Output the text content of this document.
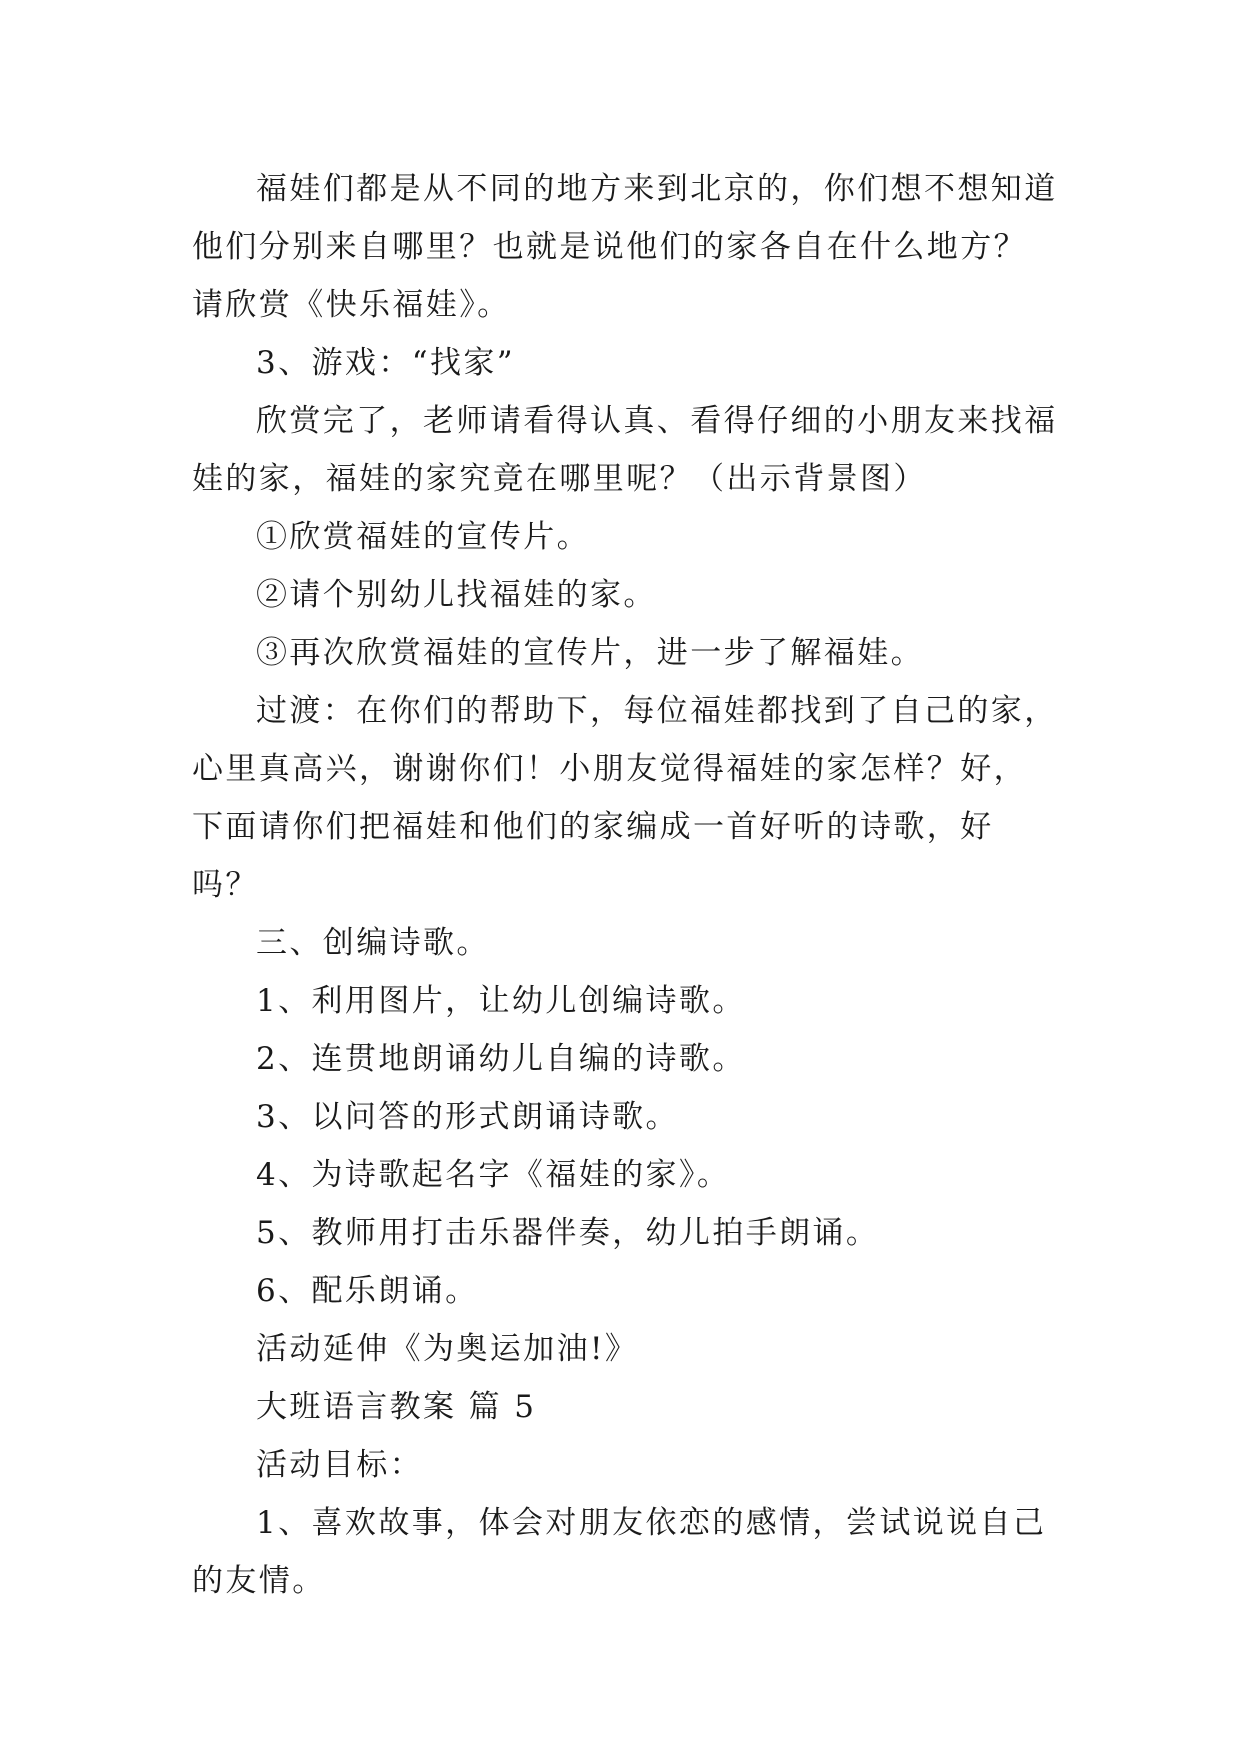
福娃们都是从不同的地方来到北京的，你们想不想知道他们分别来自哪里？也就是说他们的家各自在什么地方？请欣赏《快乐福娃》。

3、游戏：“找家”

欣赏完了，老师请看得认真、看得仔细的小朋友来找福娃的家，福娃的家究竟在哪里呢？（出示背景图）

①欣赏福娃的宣传片。

②请个别幼儿找福娃的家。

③再次欣赏福娃的宣传片，进一步了解福娃。

过渡：在你们的帮助下，每位福娃都找到了自己的家，心里真高兴，谢谢你们！小朋友觉得福娃的家怎样？好，下面请你们把福娃和他们的家编成一首好听的诗歌，好吗？

三、创编诗歌。

1、利用图片，让幼儿创编诗歌。

2、连贯地朗诵幼儿自编的诗歌。

3、以问答的形式朗诵诗歌。

4、为诗歌起名字《福娃的家》。

5、教师用打击乐器伴奏，幼儿拍手朗诵。

6、配乐朗诵。

活动延伸《为奥运加油!》

大班语言教案 篇 5

活动目标：

1、喜欢故事，体会对朋友依恋的感情，尝试说说自己的友情。
